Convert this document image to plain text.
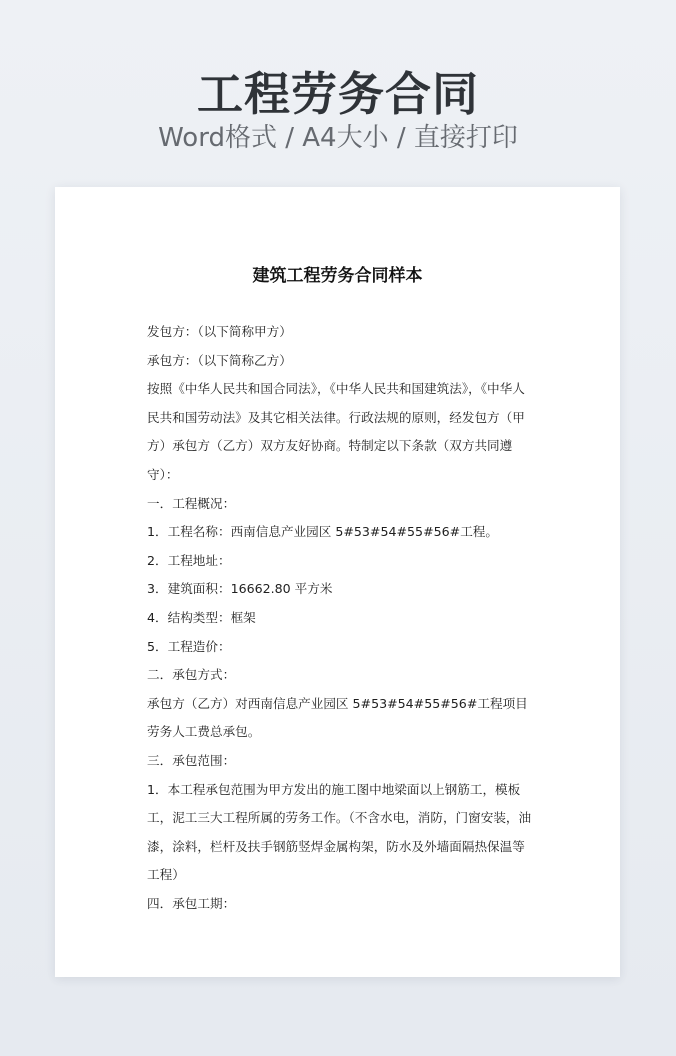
工程劳务合同
Word格式 / A4大小 / 直接打印
建筑工程劳务合同样本
发包方：（以下简称甲方）
承包方：（以下简称乙方）
按照《中华人民共和国合同法》，《中华人民共和国建筑法》，《中华人民共和国劳动法》及其它相关法律。行政法规的原则，经发包方（甲方）承包方（乙方）双方友好协商。特制定以下条款（双方共同遵守）：
一．工程概况：
1．工程名称：西南信息产业园区 5#53#54#55#56#工程。
2．工程地址：
3．建筑面积：16662.80 平方米
4．结构类型：框架
5．工程造价：
二．承包方式：
承包方（乙方）对西南信息产业园区 5#53#54#55#56#工程项目劳务人工费总承包。
三．承包范围：
1．本工程承包范围为甲方发出的施工图中地梁面以上钢筋工，模板工，泥工三大工程所属的劳务工作。（不含水电，消防，门窗安装，油漆，涂料，栏杆及扶手钢筋竖焊金属构架，防水及外墙面隔热保温等工程）
四．承包工期：
